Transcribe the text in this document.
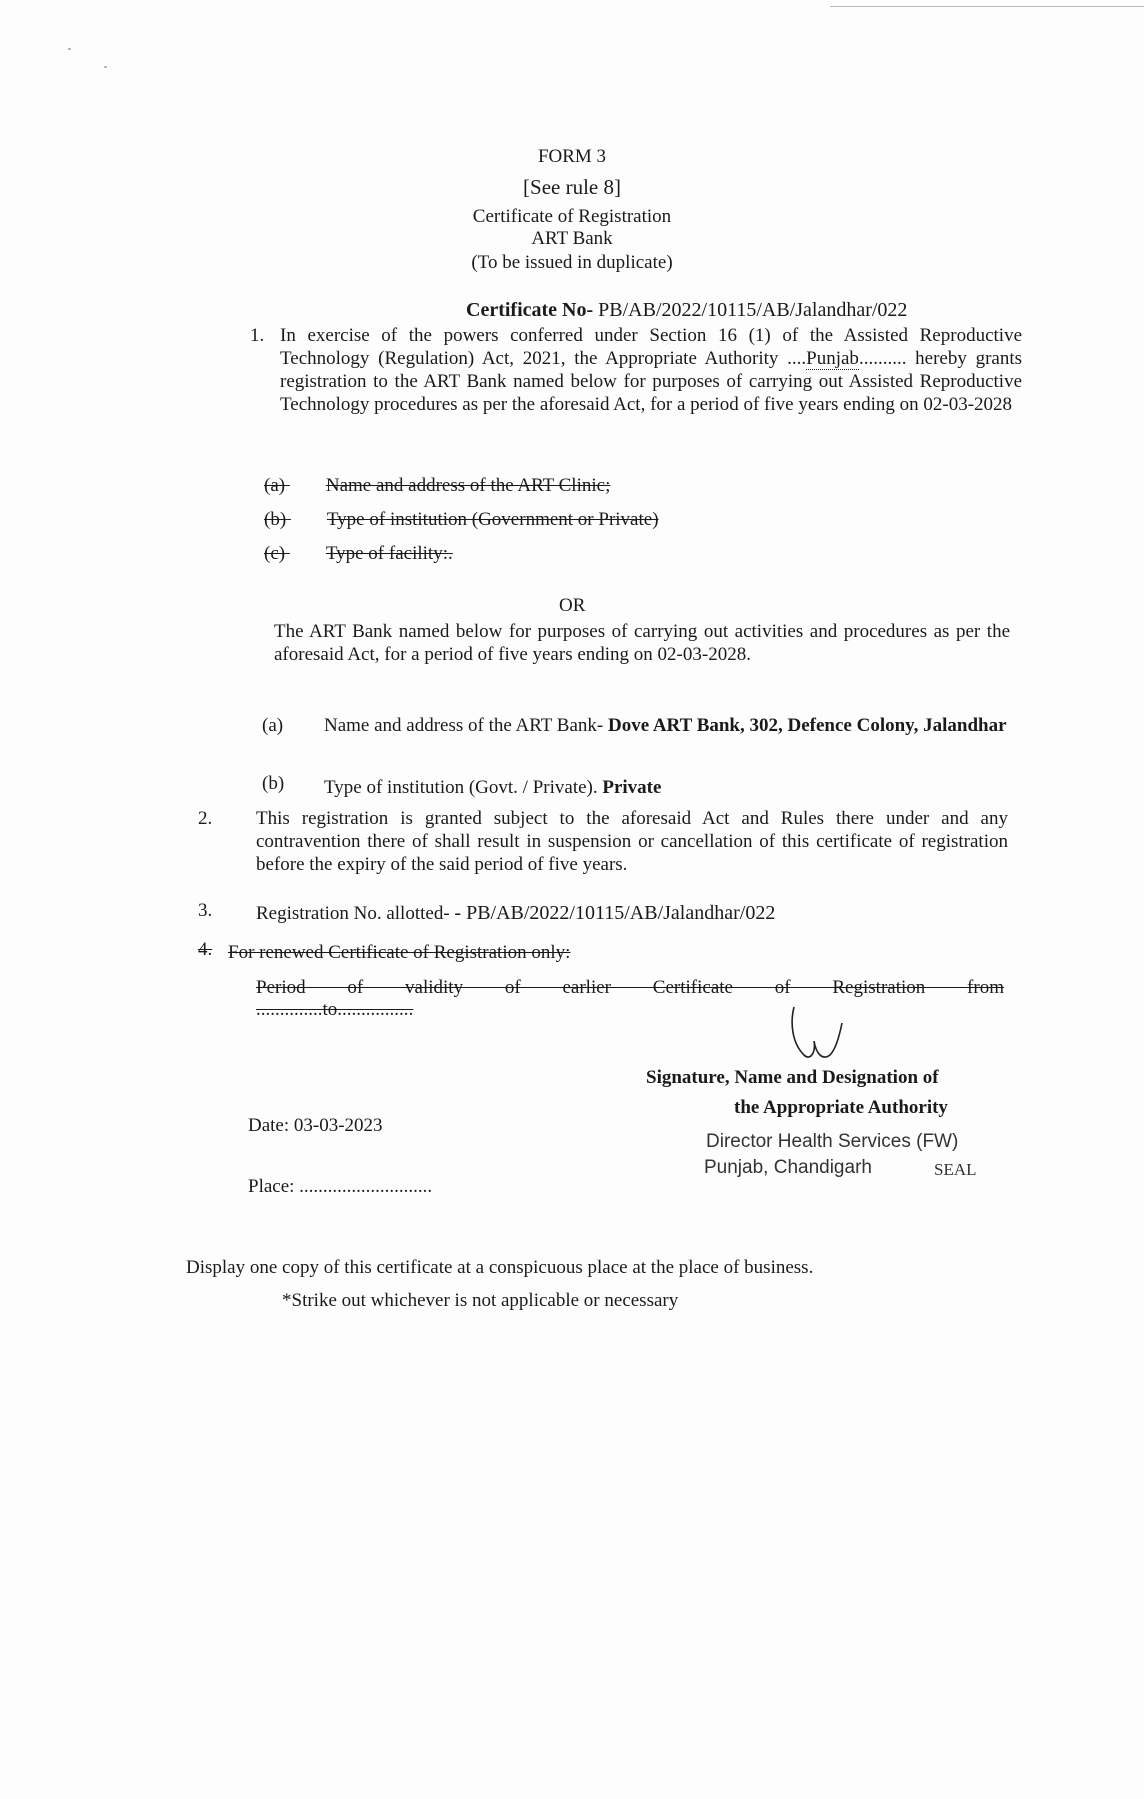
FORM 3
[See rule 8]
Certificate of Registration
ART Bank
(To be issued in duplicate)
Certificate No- PB/AB/2022/10115/AB/Jalandhar/022
1. In exercise of the powers conferred under Section 16 (1) of the Assisted Reproductive Technology (Regulation) Act, 2021, the Appropriate Authority ....Punjab.......... hereby grants registration to the ART Bank named below for purposes of carrying out Assisted Reproductive Technology procedures as per the aforesaid Act, for a period of five years ending on 02-03-2028
(a) Name and address of the ART Clinic;
(b) Type of institution (Government or Private)
(c) Type of facility:.
OR
The ART Bank named below for purposes of carrying out activities and procedures as per the aforesaid Act, for a period of five years ending on 02-03-2028.
(a) Name and address of the ART Bank- Dove ART Bank, 302, Defence Colony, Jalandhar
(b) Type of institution (Govt. / Private). Private
2. This registration is granted subject to the aforesaid Act and Rules there under and any contravention there of shall result in suspension or cancellation of this certificate of registration before the expiry of the said period of five years.
3. Registration No. allotted- - PB/AB/2022/10115/AB/Jalandhar/022
4. For renewed Certificate of Registration only:
Period of validity of earlier Certificate of Registration from
..............to................
Signature, Name and Designation of
the Appropriate Authority
Director Health Services (FW)
Punjab, Chandigarh	SEAL
Date: 03-03-2023
Place: ............................
Display one copy of this certificate at a conspicuous place at the place of business.
*Strike out whichever is not applicable or necessary
